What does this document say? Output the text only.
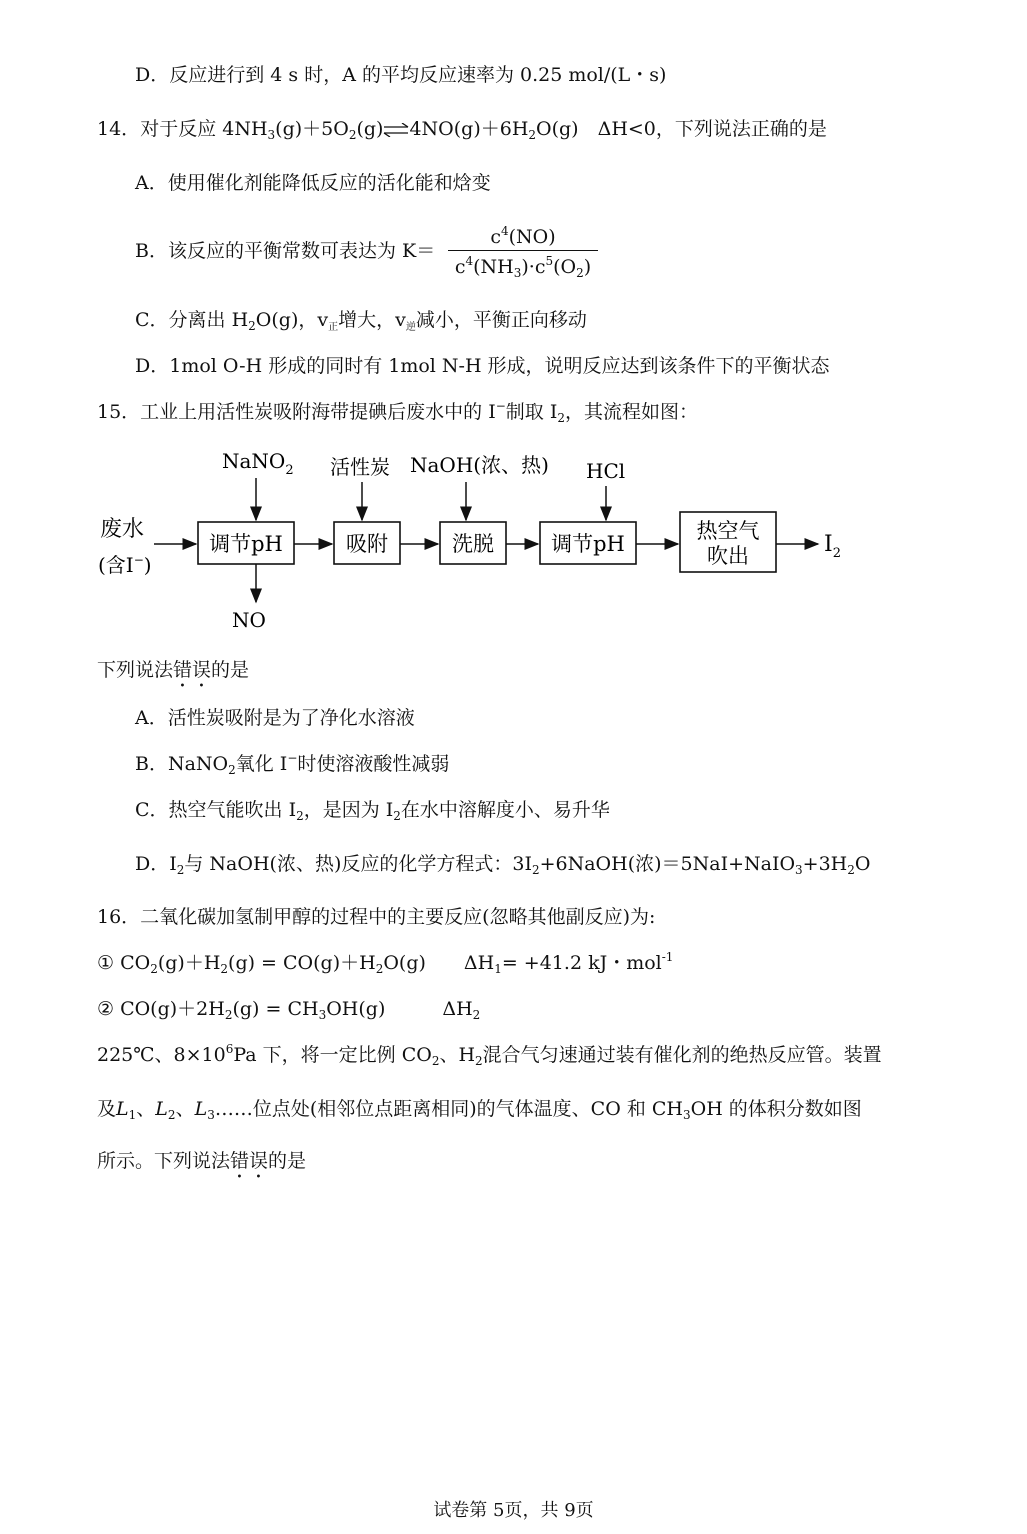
D．反应进行到 4 s 时，A 的平均反应速率为 0.25 mol/(L・s)
14．对于反应 $4NH_3(g)+5O_2(g)\rightleftharpoons 4NO(g)+6H_2O(g)$　ΔH<0，下列说法正确的是
A．使用催化剂能降低反应的活化能和焓变
B．该反应的平衡常数可表达为 K＝
$c^4(NO)$
$c^4(NH_3)\cdot c^5(O_2)$
C．分离出 $H_2O(g)$，$v_正$增大，$v_逆$减小，平衡正向移动
D．1mol O-H 形成的同时有 1mol N-H 形成，说明反应达到该条件下的平衡状态
15．工业上用活性炭吸附海带提碘后废水中的 I−制取 $I_2$，其流程如图：
废水
(含I−)
调节pH	吸附	洗脱	调节pH
热空气
吹出	$I_2$
NaNO$_2$ 活性炭 NaOH(浓、热) HCl
NO
下列说法错误的是
A．活性炭吸附是为了净化水溶液
B．NaNO$_2$氧化 I−时使溶液酸性减弱
C．热空气能吹出 $I_2$，是因为 $I_2$在水中溶解度小、易升华
D．$I_2$与 NaOH(浓、热)反应的化学方程式：$3I_2+6NaOH$(浓)$=5NaI+NaIO_3+3H_2O$
16．二氧化碳加氢制甲醇的过程中的主要反应(忽略其他副反应)为:
① $CO_2(g)+H_2(g) = CO(g)+H_2O(g)$　　$\Delta H_1= +41.2$ kJ・mol$^{-1}$
② $CO(g)+2H_2(g) = CH_3OH(g)$　　　$\Delta H_2$
225℃、$8\times 10^6Pa$ 下，将一定比例 $CO_2$、$H_2$混合气匀速通过装有催化剂的绝热反应管。装置
及$L_1$、$L_2$、$L_3\dots\dots$位点处(相邻位点距离相同)的气体温度、CO 和 $CH_3OH$ 的体积分数如图
所示。下列说法错误的是
试卷第 5页，共 9页
